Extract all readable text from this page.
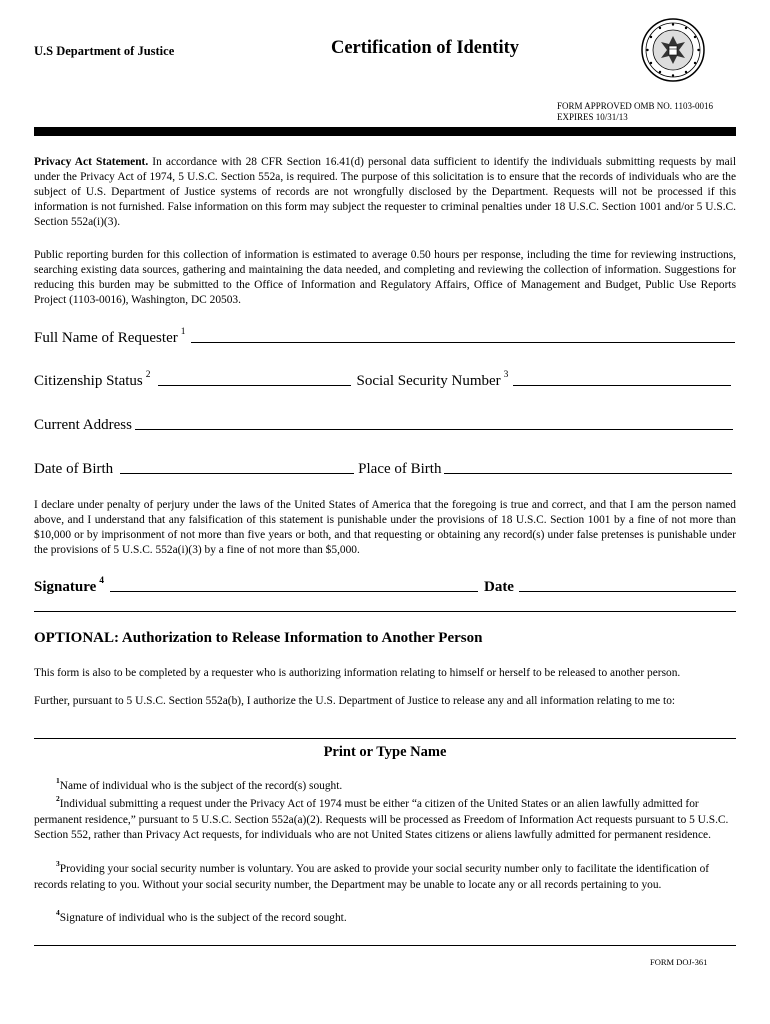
U.S Department of Justice	Certification of Identity
FORM APPROVED OMB NO. 1103-0016
EXPIRES 10/31/13
Privacy Act Statement. In accordance with 28 CFR Section 16.41(d) personal data sufficient to identify the individuals submitting requests by mail under the Privacy Act of 1974, 5 U.S.C. Section 552a, is required. The purpose of this solicitation is to ensure that the records of individuals who are the subject of U.S. Department of Justice systems of records are not wrongfully disclosed by the Department. Requests will not be processed if this information is not furnished. False information on this form may subject the requester to criminal penalties under 18 U.S.C. Section 1001 and/or 5 U.S.C. Section 552a(i)(3).
Public reporting burden for this collection of information is estimated to average 0.50 hours per response, including the time for reviewing instructions, searching existing data sources, gathering and maintaining the data needed, and completing and reviewing the collection of information. Suggestions for reducing this burden may be submitted to the Office of Information and Regulatory Affairs, Office of Management and Budget, Public Use Reports Project (1103-0016), Washington, DC 20503.
Full Name of Requester $^1$
Citizenship Status $^2$	Social Security Number $^3$
Current Address
Date of Birth	Place of Birth
I declare under penalty of perjury under the laws of the United States of America that the foregoing is true and correct, and that I am the person named above, and I understand that any falsification of this statement is punishable under the provisions of 18 U.S.C. Section 1001 by a fine of not more than $10,000 or by imprisonment of not more than five years or both, and that requesting or obtaining any record(s) under false pretenses is punishable under the provisions of 5 U.S.C. 552a(i)(3) by a fine of not more than $5,000.
Signature $^4$	Date
OPTIONAL: Authorization to Release Information to Another Person
This form is also to be completed by a requester who is authorizing information relating to himself or herself to be released to another person.
Further, pursuant to 5 U.S.C. Section 552a(b), I authorize the U.S. Department of Justice to release any and all information relating to me to:
Print or Type Name
$^1$Name of individual who is the subject of the record(s) sought.
$^2$Individual submitting a request under the Privacy Act of 1974 must be either “a citizen of the United States or an alien lawfully admitted for permanent residence,” pursuant to 5 U.S.C. Section 552a(a)(2). Requests will be processed as Freedom of Information Act requests pursuant to 5 U.S.C. Section 552, rather than Privacy Act requests, for individuals who are not United States citizens or aliens lawfully admitted for permanent residence.
$^3$Providing your social security number is voluntary. You are asked to provide your social security number only to facilitate the identification of records relating to you. Without your social security number, the Department may be unable to locate any or all records pertaining to you.
$^4$Signature of individual who is the subject of the record sought.
FORM DOJ-361
